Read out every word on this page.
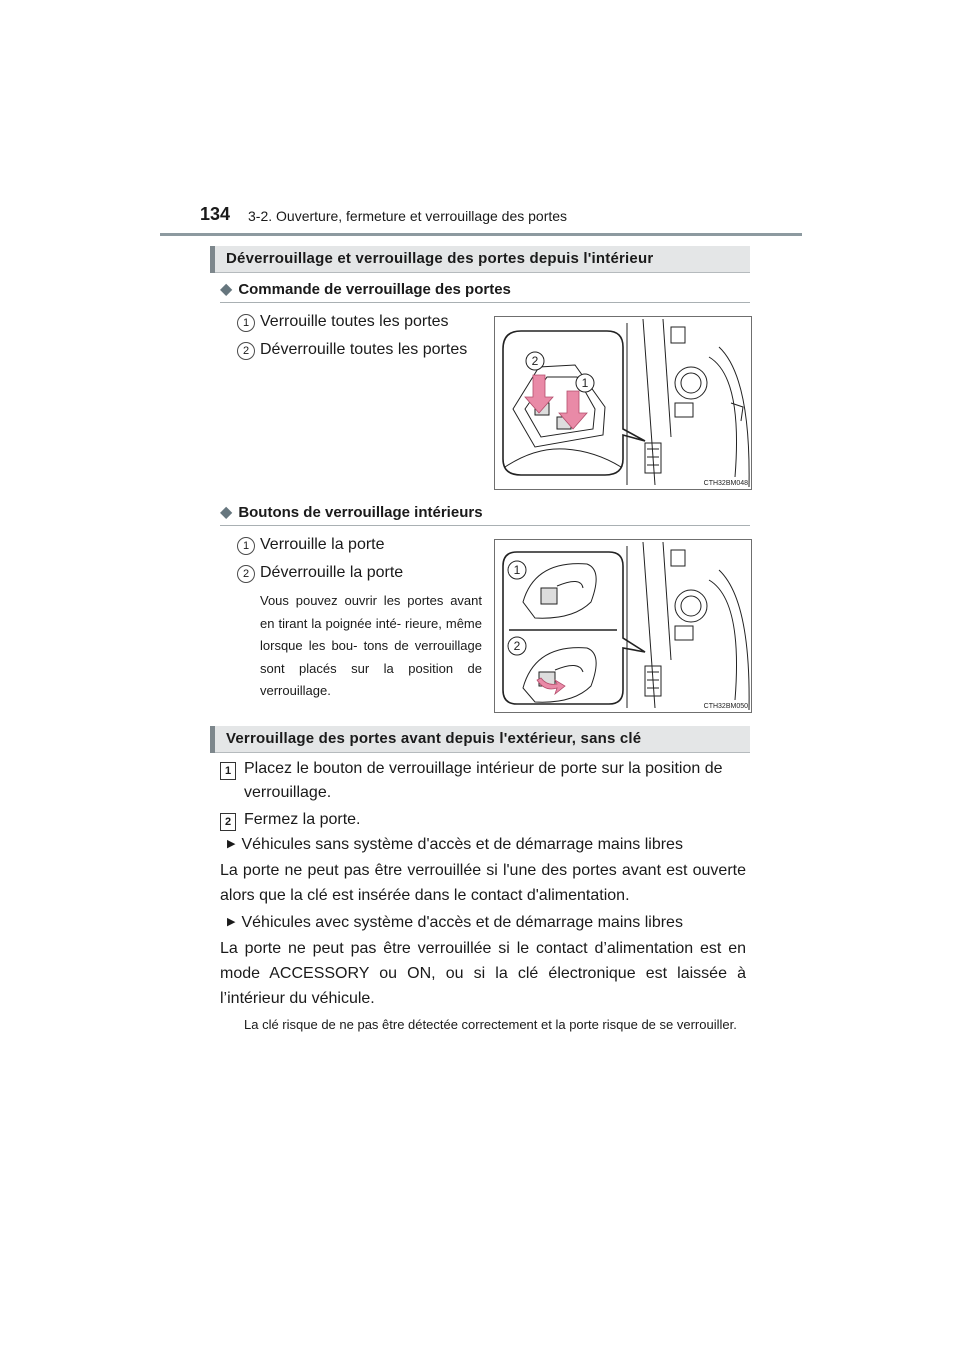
134 3-2. Ouverture, fermeture et verrouillage des portes
Déverrouillage et verrouillage des portes depuis l'intérieur
◆ Commande de verrouillage des portes
1 Verrouille toutes les portes
2 Déverrouille toutes les portes
2
1
CTH32BM048
◆ Boutons de verrouillage intérieurs
1 Verrouille la porte
2 Déverrouille la porte
Vous pouvez ouvrir les portes avant en tirant la poignée inté- rieure, même lorsque les bou- tons de verrouillage sont placés sur la position de verrouillage.
1
2
CTH32BM050
Verrouillage des portes avant depuis l'extérieur, sans clé
1 Placez le bouton de verrouillage intérieur de porte sur la position de
verrouillage.
2 Fermez la porte.
▶ Véhicules sans système d'accès et de démarrage mains libres
La porte ne peut pas être verrouillée si l'une des portes avant est ouverte alors que la clé est insérée dans le contact d'alimentation.
▶ Véhicules avec système d'accès et de démarrage mains libres
La porte ne peut pas être verrouillée si le contact d’alimentation est en mode ACCESSORY ou ON, ou si la clé électronique est laissée à l’intérieur du véhicule.
La clé risque de ne pas être détectée correctement et la porte risque de se verrouiller.
